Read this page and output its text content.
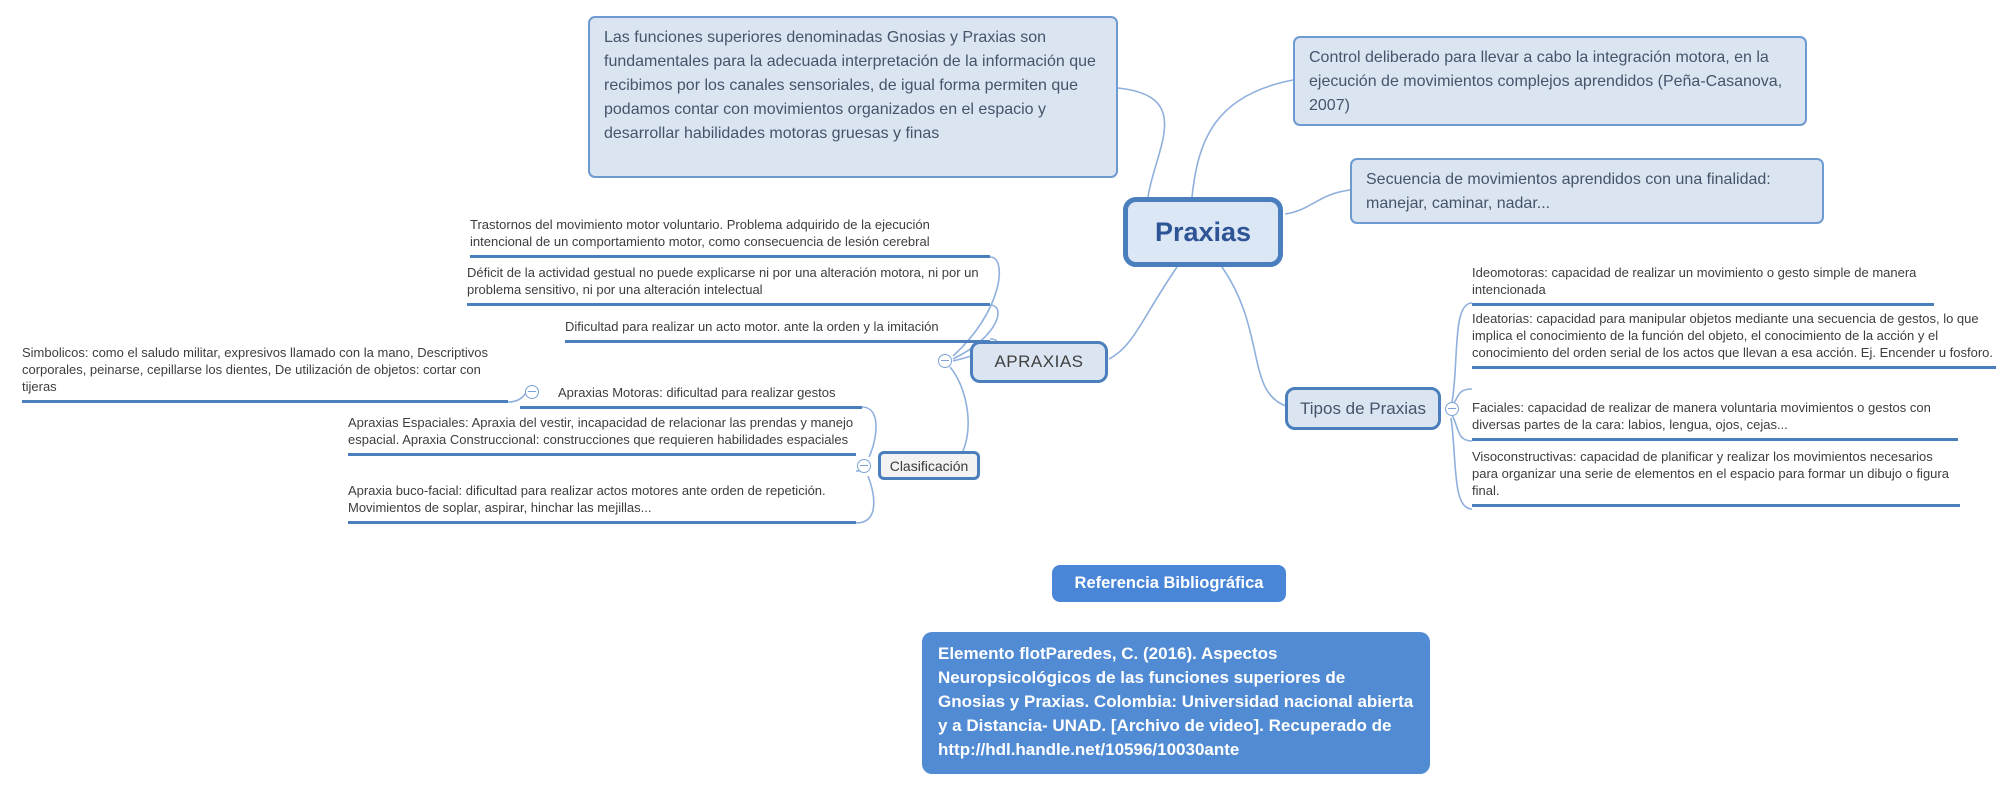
Las funciones superiores denominadas Gnosias y Praxias son fundamentales para la adecuada interpretación de la información que recibimos por los canales sensoriales, de igual forma permiten que podamos contar con movimientos organizados en el espacio y desarrollar habilidades motoras gruesas y finas
Control deliberado para llevar a cabo la integración motora, en la ejecución de movimientos complejos aprendidos (Peña-Casanova, 2007)
Secuencia de movimientos aprendidos con una finalidad: manejar, caminar, nadar...
Praxias
APRAXIAS
Trastornos del movimiento motor voluntario. Problema adquirido de la ejecución intencional de un comportamiento motor, como consecuencia de lesión cerebral
Déficit de la actividad gestual no puede explicarse ni por una alteración motora, ni por un problema sensitivo, ni por una alteración intelectual
Dificultad para realizar un acto motor. ante la orden y la imitación
Clasificación
Apraxias Motoras: dificultad para realizar gestos
Simbolicos: como el saludo militar, expresivos llamado con la mano, Descriptivos corporales, peinarse, cepillarse los dientes, De utilización de objetos: cortar con tijeras
Apraxias Espaciales: Apraxia del vestir, incapacidad de relacionar las prendas y manejo espacial. Apraxia Construccional: construcciones que requieren habilidades espaciales
Apraxia buco-facial: dificultad para realizar actos motores ante orden de repetición. Movimientos de soplar, aspirar, hinchar las mejillas...
Tipos de Praxias
Ideomotoras: capacidad de realizar un movimiento o gesto simple de manera intencionada
Ideatorias: capacidad para manipular objetos mediante una secuencia de gestos, lo que implica el conocimiento de la función del objeto, el conocimiento de la acción y el conocimiento del orden serial de los actos que llevan a esa acción. Ej. Encender u fosforo.
Faciales: capacidad de realizar de manera voluntaria movimientos o gestos con diversas partes de la cara: labios, lengua, ojos, cejas...
Visoconstructivas: capacidad de planificar y realizar los movimientos necesarios para organizar una serie de elementos en el espacio para formar un dibujo o figura final.
Referencia Bibliográfica
Elemento flotParedes, C. (2016). Aspectos Neuropsicológicos de las funciones superiores de Gnosias y Praxias. Colombia: Universidad nacional abierta y a Distancia- UNAD. [Archivo de video]. Recuperado de http://hdl.handle.net/10596/10030ante
